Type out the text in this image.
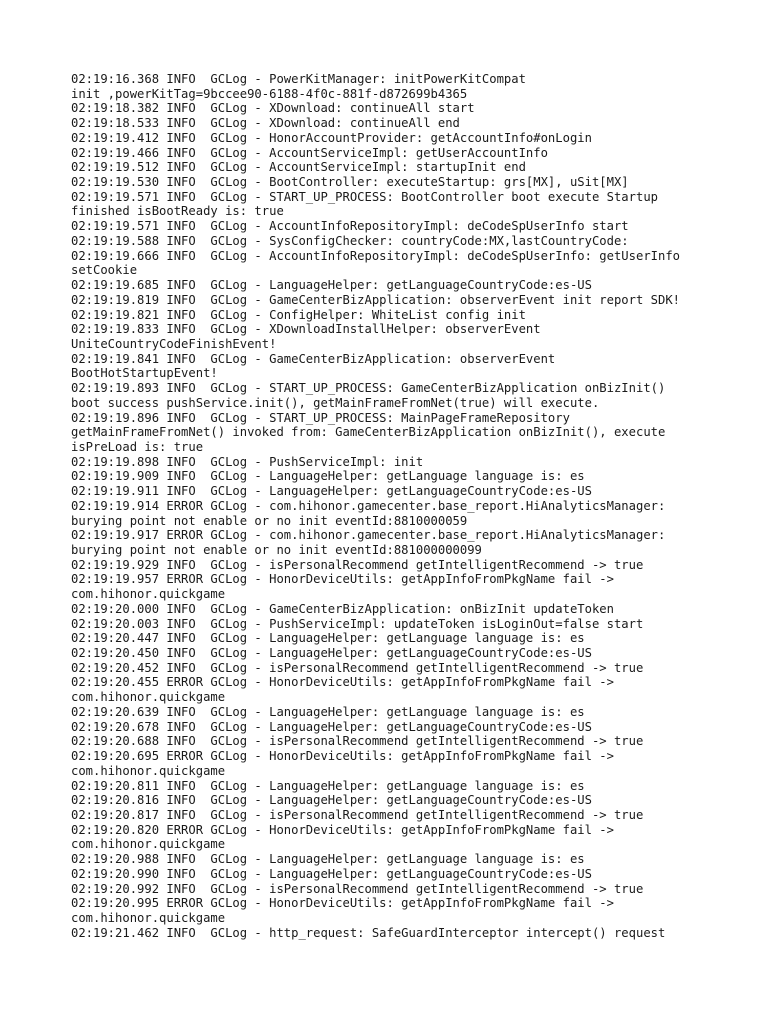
02:19:16.368 INFO  GCLog - PowerKitManager: initPowerKitCompat
init ,powerKitTag=9bccee90-6188-4f0c-881f-d872699b4365
02:19:18.382 INFO  GCLog - XDownload: continueAll start
02:19:18.533 INFO  GCLog - XDownload: continueAll end
02:19:19.412 INFO  GCLog - HonorAccountProvider: getAccountInfo#onLogin
02:19:19.466 INFO  GCLog - AccountServiceImpl: getUserAccountInfo
02:19:19.512 INFO  GCLog - AccountServiceImpl: startupInit end
02:19:19.530 INFO  GCLog - BootController: executeStartup: grs[MX], uSit[MX]
02:19:19.571 INFO  GCLog - START_UP_PROCESS: BootController boot execute Startup
finished isBootReady is: true
02:19:19.571 INFO  GCLog - AccountInfoRepositoryImpl: deCodeSpUserInfo start
02:19:19.588 INFO  GCLog - SysConfigChecker: countryCode:MX,lastCountryCode:
02:19:19.666 INFO  GCLog - AccountInfoRepositoryImpl: deCodeSpUserInfo: getUserInfo
setCookie
02:19:19.685 INFO  GCLog - LanguageHelper: getLanguageCountryCode:es-US
02:19:19.819 INFO  GCLog - GameCenterBizApplication: observerEvent init report SDK!
02:19:19.821 INFO  GCLog - ConfigHelper: WhiteList config init
02:19:19.833 INFO  GCLog - XDownloadInstallHelper: observerEvent
UniteCountryCodeFinishEvent!
02:19:19.841 INFO  GCLog - GameCenterBizApplication: observerEvent
BootHotStartupEvent!
02:19:19.893 INFO  GCLog - START_UP_PROCESS: GameCenterBizApplication onBizInit()
boot success pushService.init(), getMainFrameFromNet(true) will execute.
02:19:19.896 INFO  GCLog - START_UP_PROCESS: MainPageFrameRepository
getMainFrameFromNet() invoked from: GameCenterBizApplication onBizInit(), execute
isPreLoad is: true
02:19:19.898 INFO  GCLog - PushServiceImpl: init
02:19:19.909 INFO  GCLog - LanguageHelper: getLanguage language is: es
02:19:19.911 INFO  GCLog - LanguageHelper: getLanguageCountryCode:es-US
02:19:19.914 ERROR GCLog - com.hihonor.gamecenter.base_report.HiAnalyticsManager:
burying point not enable or no init eventId:8810000059
02:19:19.917 ERROR GCLog - com.hihonor.gamecenter.base_report.HiAnalyticsManager:
burying point not enable or no init eventId:881000000099
02:19:19.929 INFO  GCLog - isPersonalRecommend getIntelligentRecommend -> true
02:19:19.957 ERROR GCLog - HonorDeviceUtils: getAppInfoFromPkgName fail ->
com.hihonor.quickgame
02:19:20.000 INFO  GCLog - GameCenterBizApplication: onBizInit updateToken
02:19:20.003 INFO  GCLog - PushServiceImpl: updateToken isLoginOut=false start
02:19:20.447 INFO  GCLog - LanguageHelper: getLanguage language is: es
02:19:20.450 INFO  GCLog - LanguageHelper: getLanguageCountryCode:es-US
02:19:20.452 INFO  GCLog - isPersonalRecommend getIntelligentRecommend -> true
02:19:20.455 ERROR GCLog - HonorDeviceUtils: getAppInfoFromPkgName fail ->
com.hihonor.quickgame
02:19:20.639 INFO  GCLog - LanguageHelper: getLanguage language is: es
02:19:20.678 INFO  GCLog - LanguageHelper: getLanguageCountryCode:es-US
02:19:20.688 INFO  GCLog - isPersonalRecommend getIntelligentRecommend -> true
02:19:20.695 ERROR GCLog - HonorDeviceUtils: getAppInfoFromPkgName fail ->
com.hihonor.quickgame
02:19:20.811 INFO  GCLog - LanguageHelper: getLanguage language is: es
02:19:20.816 INFO  GCLog - LanguageHelper: getLanguageCountryCode:es-US
02:19:20.817 INFO  GCLog - isPersonalRecommend getIntelligentRecommend -> true
02:19:20.820 ERROR GCLog - HonorDeviceUtils: getAppInfoFromPkgName fail ->
com.hihonor.quickgame
02:19:20.988 INFO  GCLog - LanguageHelper: getLanguage language is: es
02:19:20.990 INFO  GCLog - LanguageHelper: getLanguageCountryCode:es-US
02:19:20.992 INFO  GCLog - isPersonalRecommend getIntelligentRecommend -> true
02:19:20.995 ERROR GCLog - HonorDeviceUtils: getAppInfoFromPkgName fail ->
com.hihonor.quickgame
02:19:21.462 INFO  GCLog - http_request: SafeGuardInterceptor intercept() request
